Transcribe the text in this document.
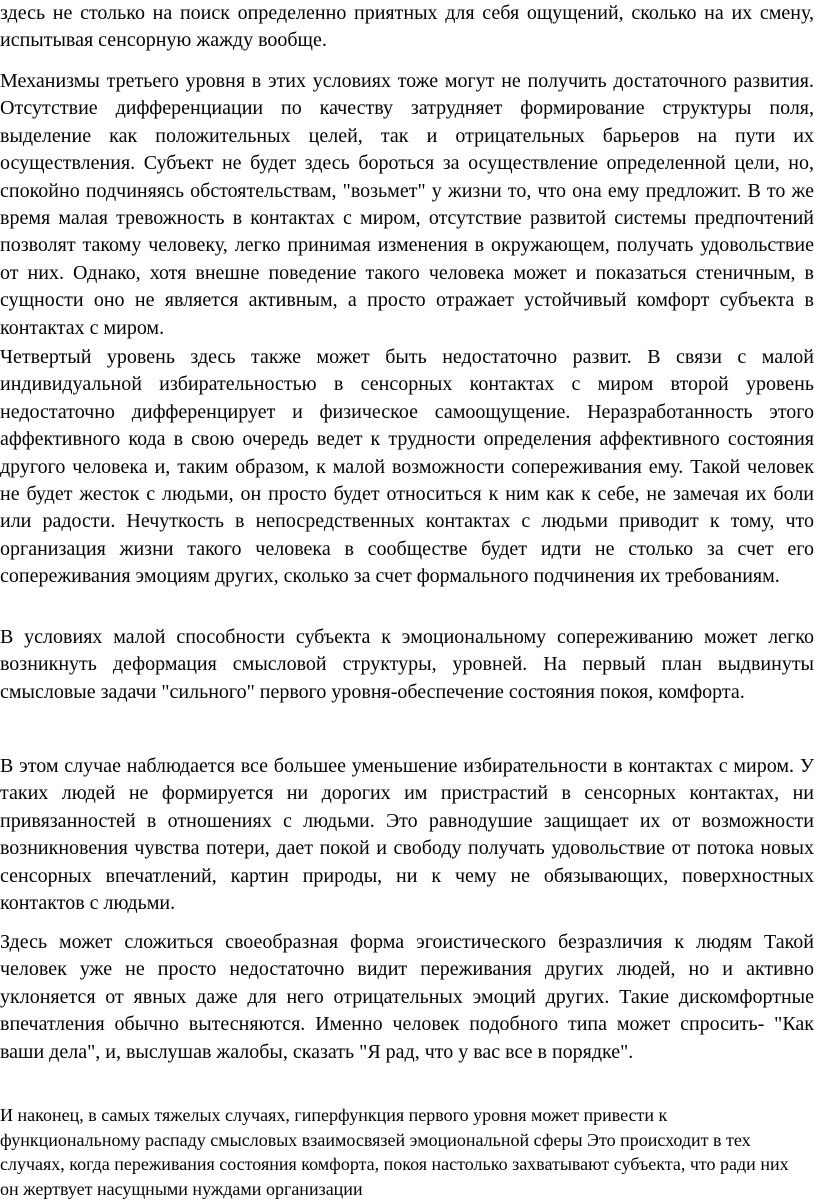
здесь не столько на поиск определенно приятных для себя ощущений, сколько на их смену, испытывая сенсорную жажду вообще.

Механизмы третьего уровня в этих условиях тоже могут не получить достаточного развития. Отсутствие дифференциации по качеству затрудняет формирование структуры поля, выделение как положительных целей, так и отрицательных барьеров на пути их осуществления. Субъект не будет здесь бороться за осуществление определенной цели, но, спокойно подчиняясь обстоятельствам, "возьмет" у жизни то, что она ему предложит. В то же время малая тревожность в контактах с миром, отсутствие развитой системы предпочтений позволят такому человеку, легко принимая изменения в окружающем, получать удовольствие от них. Однако, хотя внешне поведение такого человека может и показаться стеничным, в сущности оно не является активным, а просто отражает устойчивый комфорт субъекта в контактах с миром.

Четвертый уровень здесь также может быть недостаточно развит. В связи с малой индивидуальной избирательностью в сенсорных контактах с миром второй уровень недостаточно дифференцирует и физическое самоощущение. Неразработанность этого аффективного кода в свою очередь ведет к трудности определения аффективного состояния другого человека и, таким образом, к малой возможности сопереживания ему. Такой человек не будет жесток с людьми, он просто будет относиться к ним как к себе, не замечая их боли или радости. Нечуткость в непосредственных контактах с людьми приводит к тому, что организация жизни такого человека в сообществе будет идти не столько за счет его сопереживания эмоциям других, сколько за счет формального подчинения их требованиям.

В условиях малой способности субъекта к эмоциональному сопереживанию может легко возникнуть деформация смысловой структуры, уровней. На первый план выдвинуты смысловые задачи "сильного" первого уровня-обеспечение состояния покоя, комфорта.

В этом случае наблюдается все большее уменьшение избирательности в контактах с миром. У таких людей не формируется ни дорогих им пристрастий в сенсорных контактах, ни привязанностей в отношениях с людьми. Это равнодушие защищает их от возможности возникновения чувства потери, дает покой и свободу получать удовольствие от потока новых сенсорных впечатлений, картин природы, ни к чему не обязывающих, поверхностных контактов с людьми.

Здесь может сложиться своеобразная форма эгоистического безразличия к людям Такой человек уже не просто недостаточно видит переживания других людей, но и активно уклоняется от явных даже для него отрицательных эмоций других. Такие дискомфортные впечатления обычно вытесняются. Именно человек подобного типа может спросить- "Как ваши дела", и, выслушав жалобы, сказать "Я рад, что у вас все в порядке".

И наконец, в самых тяжелых случаях, гиперфункция первого уровня может привести к функциональному распаду смысловых взаимосвязей эмоциональной сферы Это происходит в тех случаях, когда переживания состояния комфорта, покоя настолько захватывают субъекта, что ради них он жертвует насущными нуждами организации
